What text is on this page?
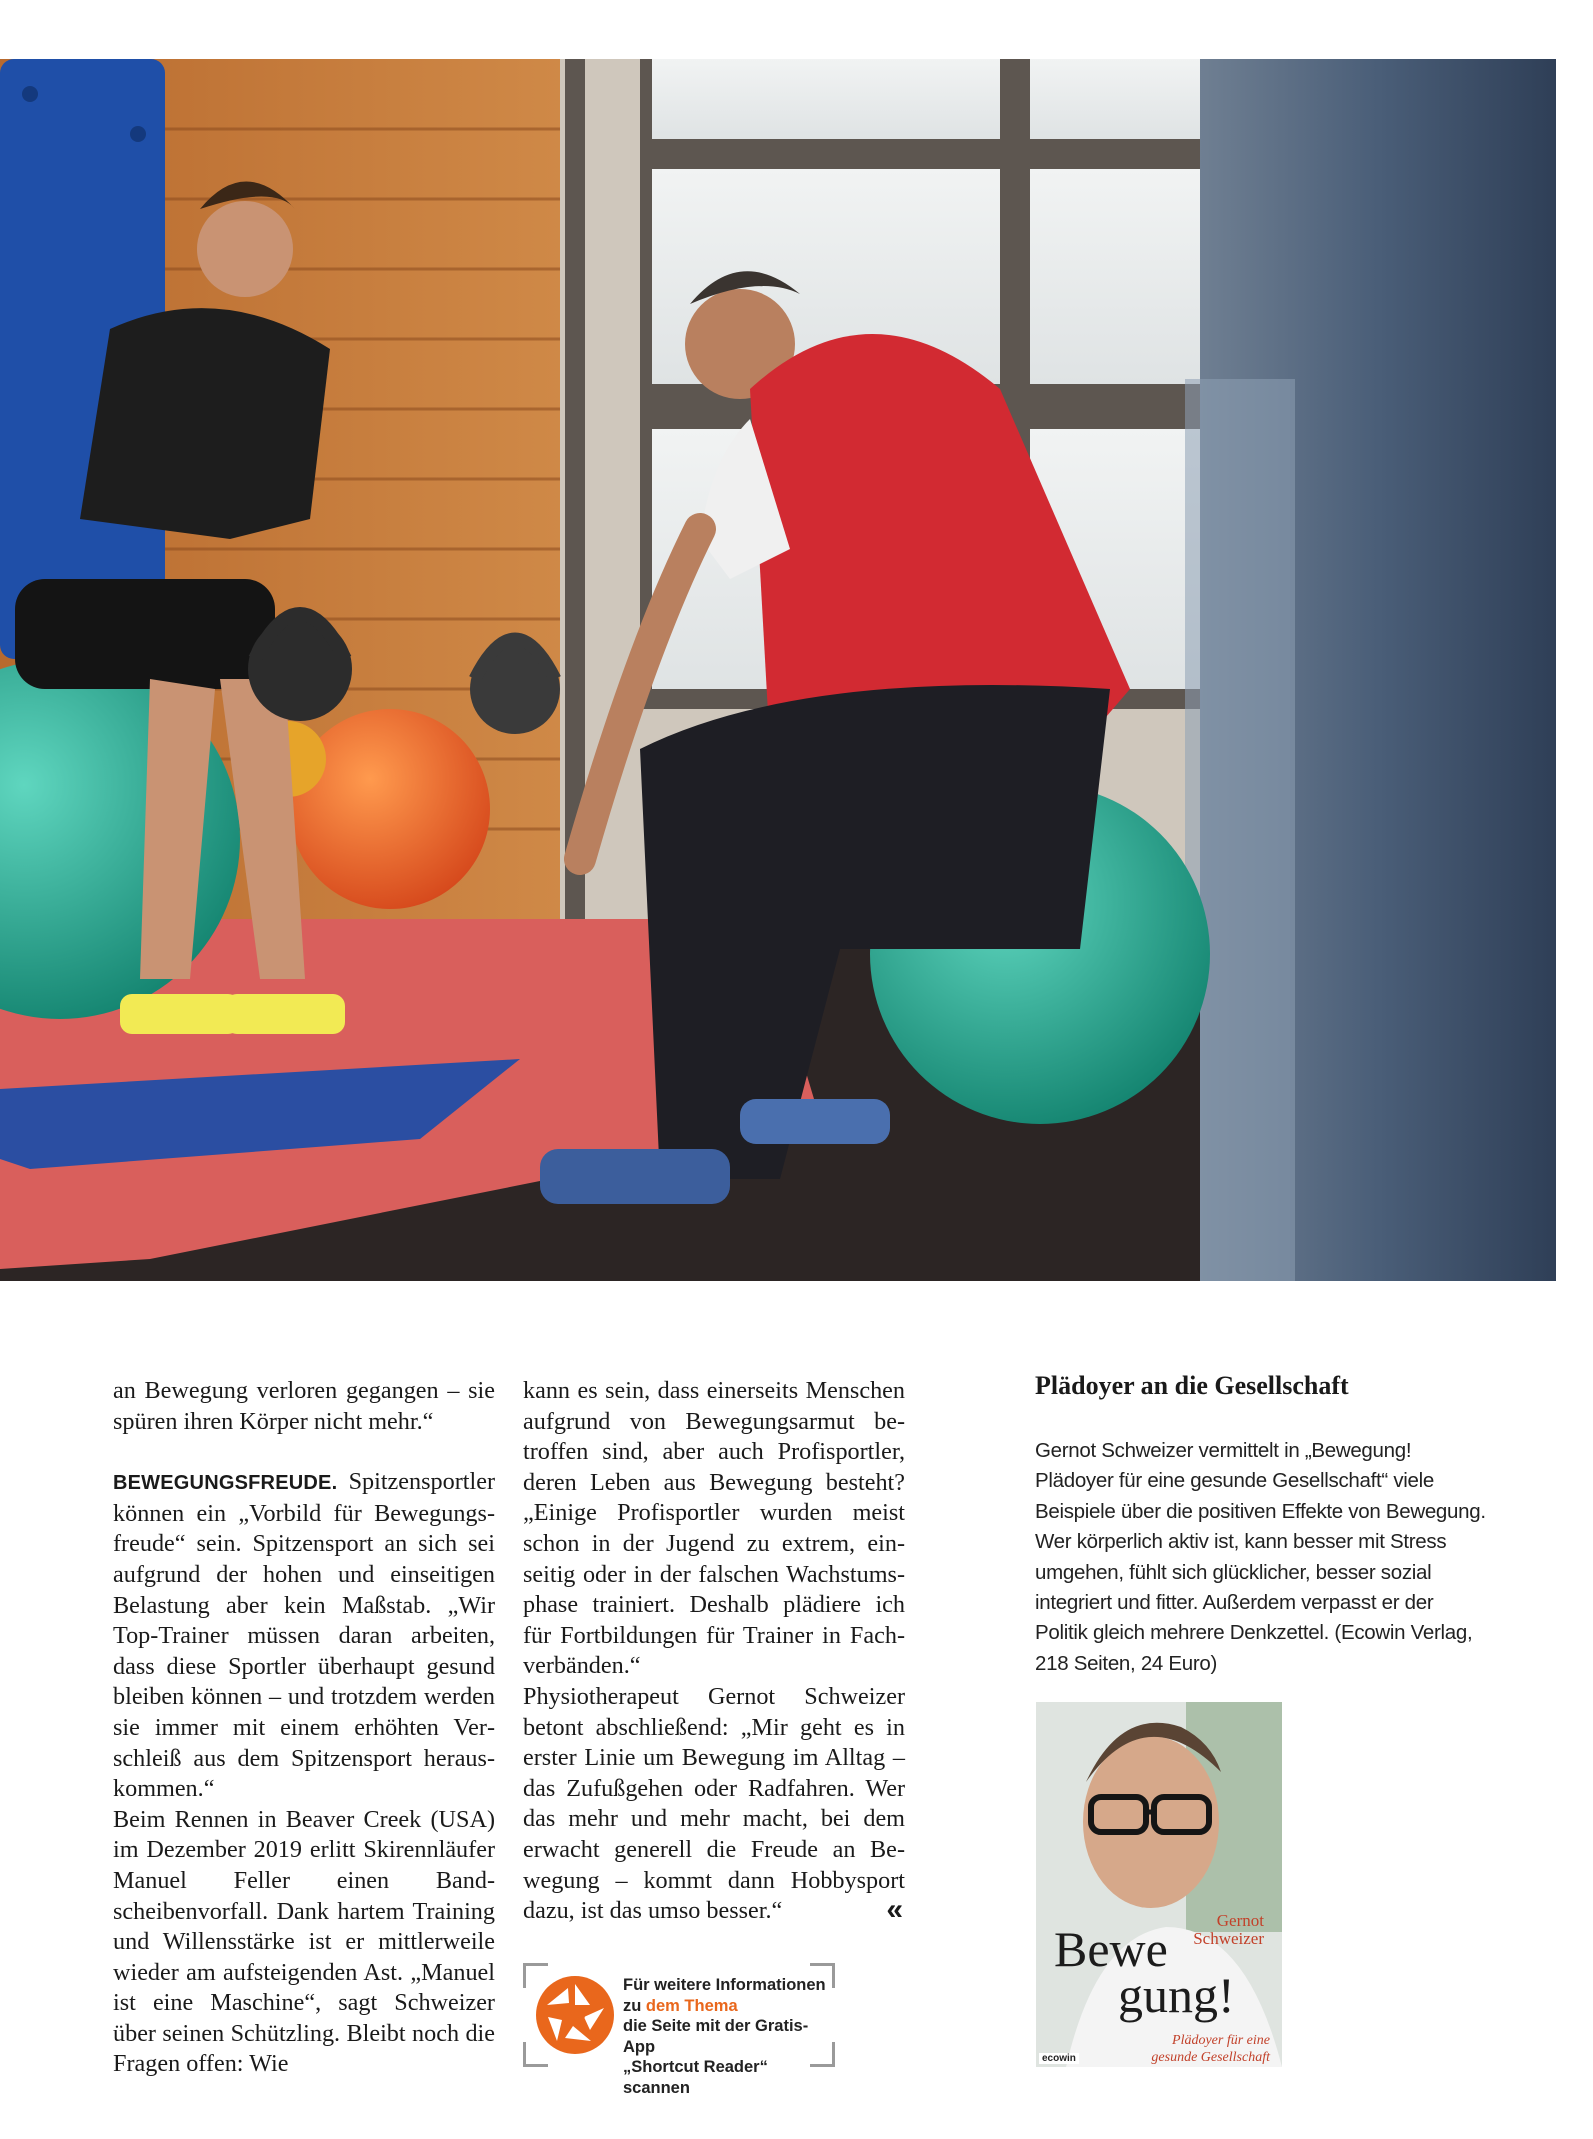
an Bewegung verloren gegangen – sie spüren ihren Körper nicht mehr.“

BEWEGUNGSFREUDE. Spitzensportler können ein „Vorbild für Bewegungsfreude“ sein. Spitzensport an sich sei aufgrund der hohen und einseitigen Belastung aber kein Maßstab. „Wir Top-Trainer müssen daran arbeiten, dass diese Sportler überhaupt gesund bleiben können – und trotzdem werden sie immer mit einem erhöhten Verschleiß aus dem Spitzensport herauskommen.“

Beim Rennen in Beaver Creek (USA) im Dezember 2019 erlitt Skirennläufer Manuel Feller einen Bandscheibenvorfall. Dank hartem Training und Willensstärke ist er mittlerweile wieder am aufsteigenden Ast. „Manuel ist eine Maschine“, sagt Schweizer über seinen Schützling. Bleibt noch die Fragen offen: Wie

kann es sein, dass einerseits Menschen aufgrund von Bewegungsarmut betroffen sind, aber auch Profisportler, deren Leben aus Bewegung besteht? „Einige Profisportler wurden meist schon in der Jugend zu extrem, einseitig oder in der falschen Wachstumsphase trainiert. Deshalb plädiere ich für Fortbildungen für Trainer in Fachverbänden.“

Physiotherapeut Gernot Schweizer betont abschließend: „Mir geht es in erster Linie um Bewegung im Alltag – das Zufußgehen oder Radfahren. Wer das mehr und mehr macht, bei dem erwacht generell die Freude an Bewegung – kommt dann Hobbysport dazu, ist das umso besser.“	«

Für weitere Informationen
zu dem Thema
die Seite mit der Gratis-App
„Shortcut Reader“ scannen
Plädoyer an die Gesellschaft
Gernot Schweizer vermittelt in „Bewegung! Plädoyer für eine gesunde Gesellschaft“ viele Beispiele über die positiven Effekte von Bewegung. Wer körperlich aktiv ist, kann besser mit Stress umgehen, fühlt sich glücklicher, besser sozial integriert und fitter. Außerdem verpasst er der Politik gleich mehrere Denkzettel. (Ecowin Verlag, 218 Seiten, 24 Euro)
Gernot
Schweizer
Bewe
gung!
Plädoyer für eine
gesunde Gesellschaft
ecowin
